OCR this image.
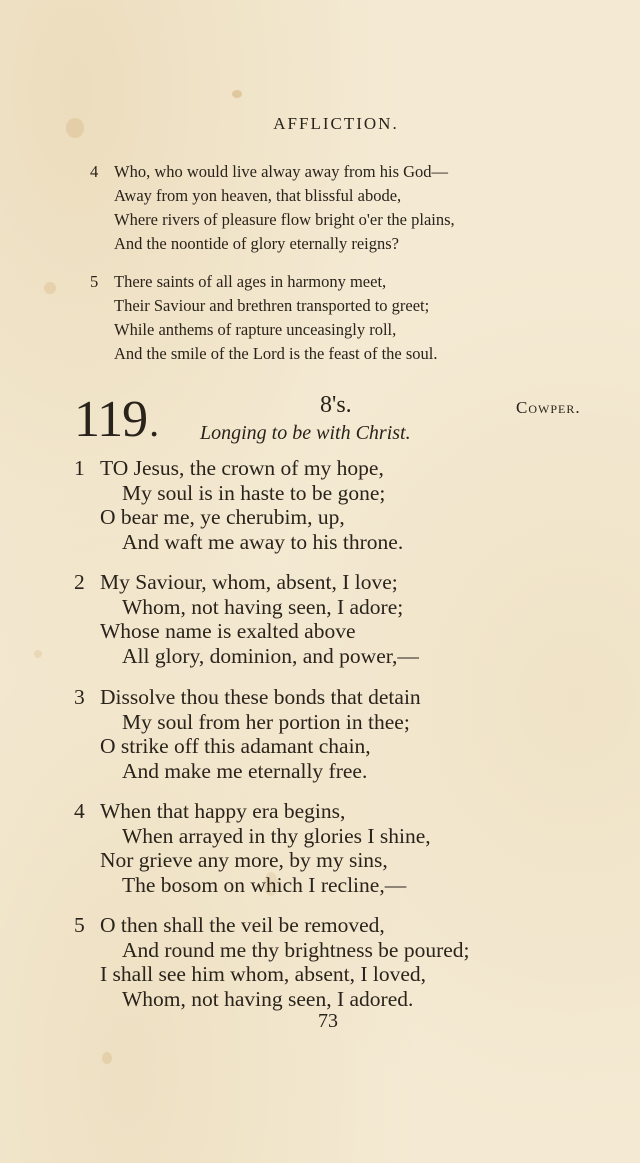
AFFLICTION.
4 Who, who would live alway away from his God—
Away from yon heaven, that blissful abode,
Where rivers of pleasure flow bright o'er the plains,
And the noontide of glory eternally reigns?
5 There saints of all ages in harmony meet,
Their Saviour and brethren transported to greet;
While anthems of rapture unceasingly roll,
And the smile of the Lord is the feast of the soul.
119.	8's.	Cowper.
Longing to be with Christ.
1 TO Jesus, the crown of my hope,
My soul is in haste to be gone;
O bear me, ye cherubim, up,
And waft me away to his throne.
2 My Saviour, whom, absent, I love;
Whom, not having seen, I adore;
Whose name is exalted above
All glory, dominion, and power,—
3 Dissolve thou these bonds that detain
My soul from her portion in thee;
O strike off this adamant chain,
And make me eternally free.
4 When that happy era begins,
When arrayed in thy glories I shine,
Nor grieve any more, by my sins,
The bosom on which I recline,—
5 O then shall the veil be removed,
And round me thy brightness be poured;
I shall see him whom, absent, I loved,
Whom, not having seen, I adored.
73
